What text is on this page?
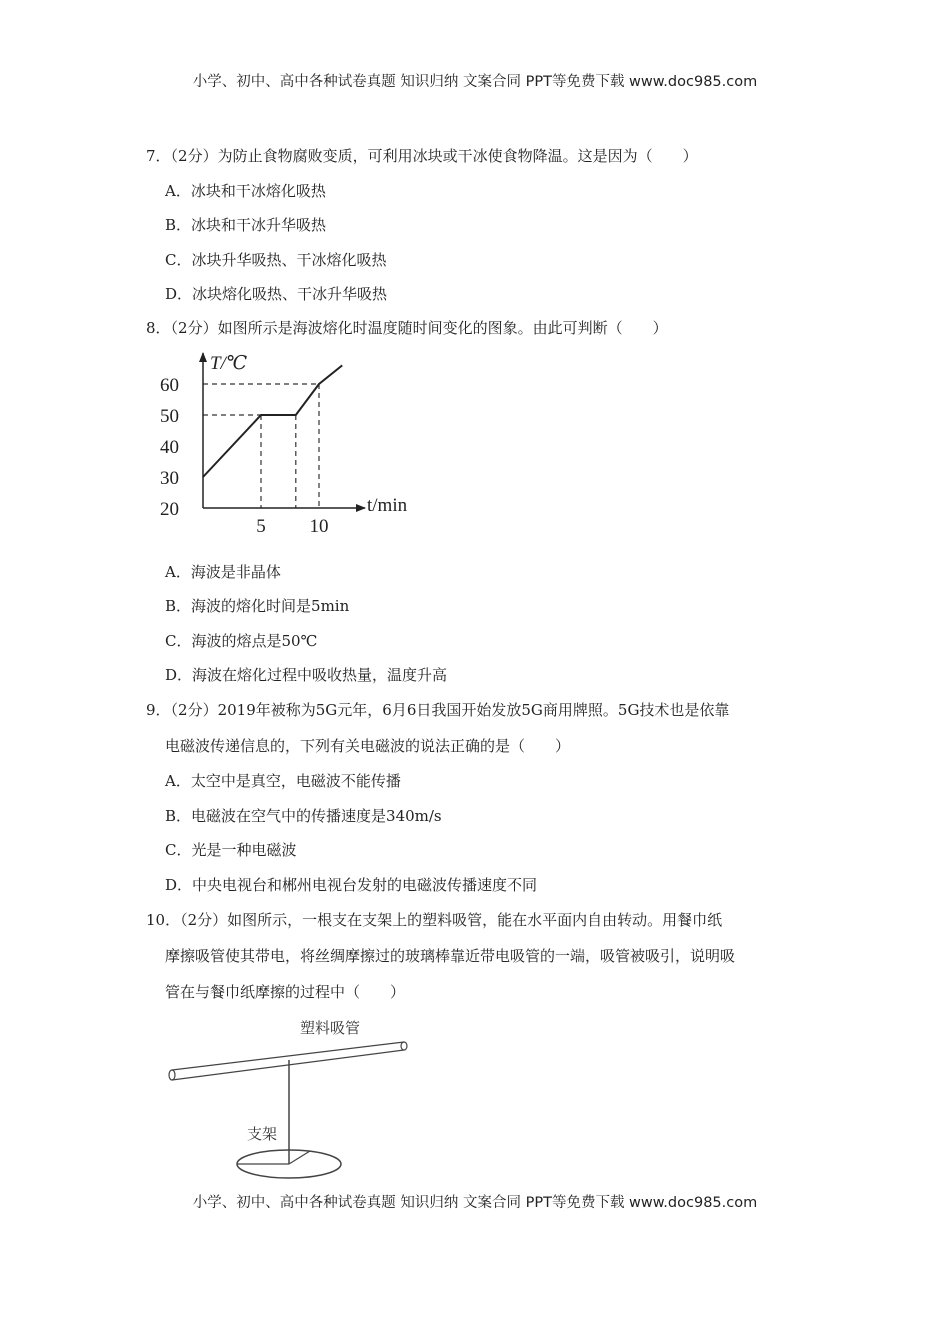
小学、初中、高中各种试卷真题 知识归纳 文案合同 PPT等免费下载 www.doc985.com
7．（2分）为防止食物腐败变质，可利用冰块或干冰使食物降温。这是因为（　　）
A．冰块和干冰熔化吸热
B．冰块和干冰升华吸热
C．冰块升华吸热、干冰熔化吸热
D．冰块熔化吸热、干冰升华吸热
8．（2分）如图所示是海波熔化时温度随时间变化的图象。由此可判断（　　）
T/℃
t/min
20
30
40
50
60
5 10
A．海波是非晶体
B．海波的熔化时间是5min
C．海波的熔点是50℃
D．海波在熔化过程中吸收热量，温度升高
9．（2分）2019年被称为5G元年，6月6日我国开始发放5G商用牌照。5G技术也是依靠
电磁波传递信息的，下列有关电磁波的说法正确的是（　　）
A．太空中是真空，电磁波不能传播
B．电磁波在空气中的传播速度是340m/s
C．光是一种电磁波
D．中央电视台和郴州电视台发射的电磁波传播速度不同
10．（2分）如图所示，一根支在支架上的塑料吸管，能在水平面内自由转动。用餐巾纸
摩擦吸管使其带电，将丝绸摩擦过的玻璃棒靠近带电吸管的一端，吸管被吸引，说明吸
管在与餐巾纸摩擦的过程中（　　）
塑料吸管
支架
小学、初中、高中各种试卷真题 知识归纳 文案合同 PPT等免费下载 www.doc985.com
